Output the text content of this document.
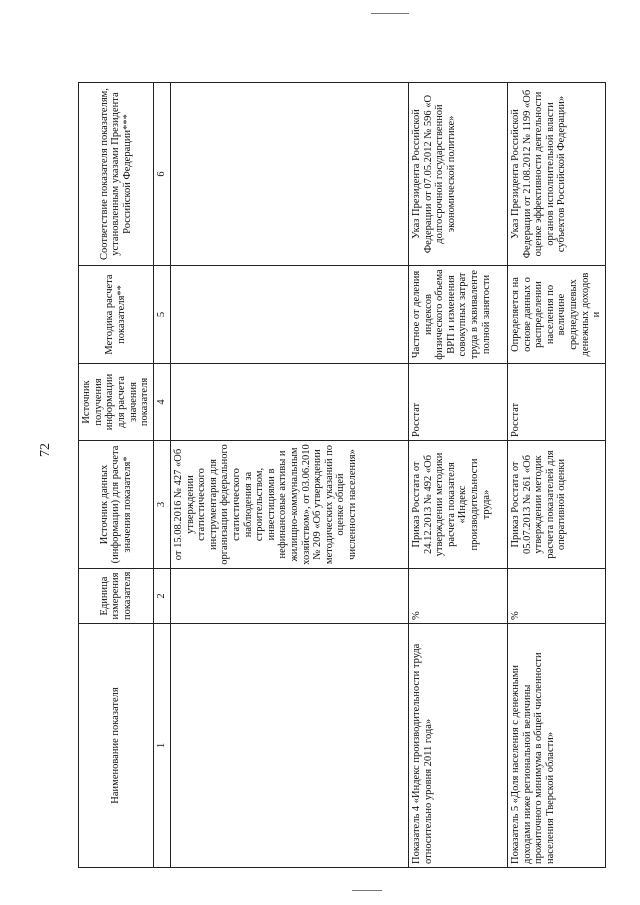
72
Наименование показателя	Единица измерения показателя	Источник данных (информации) для расчета значения показателя*	Источник получения информации для расчета значения показателя	Методика расчета показателя**	Соответствие показателя показателям, установленным указами Президента Российской Федерации***
1	2	3	4	5	6
		от 15.08.2016 № 427 «Об утверждении статистического инструментария для организации федерального статистического наблюдения за строительством, инвестициями в нефинансовые активы и жилищно-коммунальным хозяйством», от 03.06.2010 № 209 «Об утверждении методических указаний по оценке общей численности населения»			
Показатель 4 «Индекс производительности труда относительно уровня 2011 года»	%	Приказ Росстата от 24.12.2013 № 492 «Об утверждении методики расчета показателя «Индекс производительности труда»	Росстат	Частное от деления индексов физического объема ВРП и изменения совокупных затрат труда в эквиваленте полной занятости	Указ Президента Российской Федерации от 07.05.2012 № 596 «О долгосрочной государственной экономической политике»
Показатель 5 «Доля населения с денежными доходами ниже региональной величины прожиточного минимума в общей численности населения Тверской области»	%	Приказ Росстата от 05.07.2013 № 261 «Об утверждении методик расчета показателей для оперативной оценки	Росстат	Определяется на основе данных о распределении населения по величине среднедушевых денежных доходов и	Указ Президента Российской Федерации от 21.08.2012 № 1199 «Об оценке эффективности деятельности органов исполнительной власти субъектов Российской Федерации»
